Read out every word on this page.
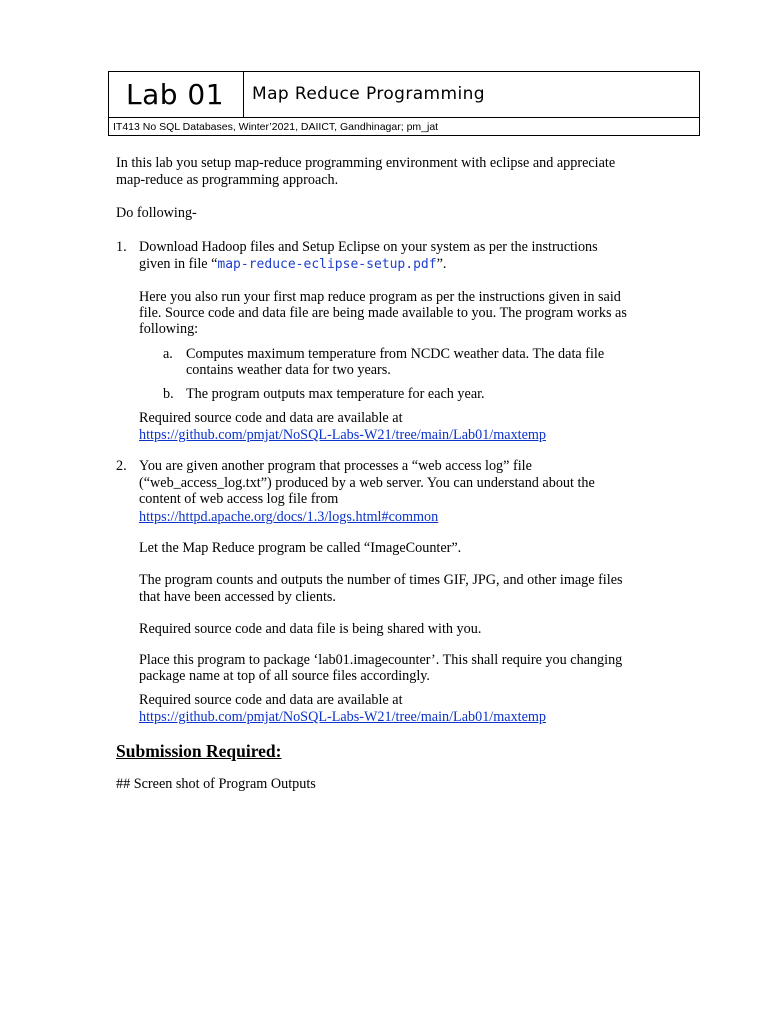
Lab 01	Map Reduce Programming
IT413 No SQL Databases, Winter’2021, DAIICT, Gandhinagar; pm_jat
In this lab you setup map-reduce programming environment with eclipse and appreciate
map-reduce as programming approach.
Do following-
1. Download Hadoop files and Setup Eclipse on your system as per the instructions
given in file “map-reduce-eclipse-setup.pdf”.
Here you also run your first map reduce program as per the instructions given in said
file. Source code and data file are being made available to you. The program works as
following:
a. Computes maximum temperature from NCDC weather data. The data file
contains weather data for two years.
b. The program outputs max temperature for each year.
Required source code and data are available at
https://github.com/pmjat/NoSQL-Labs-W21/tree/main/Lab01/maxtemp
2. You are given another program that processes a “web access log” file
(“web_access_log.txt”) produced by a web server. You can understand about the
content of web access log file from
https://httpd.apache.org/docs/1.3/logs.html#common
Let the Map Reduce program be called “ImageCounter”.
The program counts and outputs the number of times GIF, JPG, and other image files
that have been accessed by clients.
Required source code and data file is being shared with you.
Place this program to package ‘lab01.imagecounter’. This shall require you changing
package name at top of all source files accordingly.
Required source code and data are available at
https://github.com/pmjat/NoSQL-Labs-W21/tree/main/Lab01/maxtemp
Submission Required:
## Screen shot of Program Outputs
